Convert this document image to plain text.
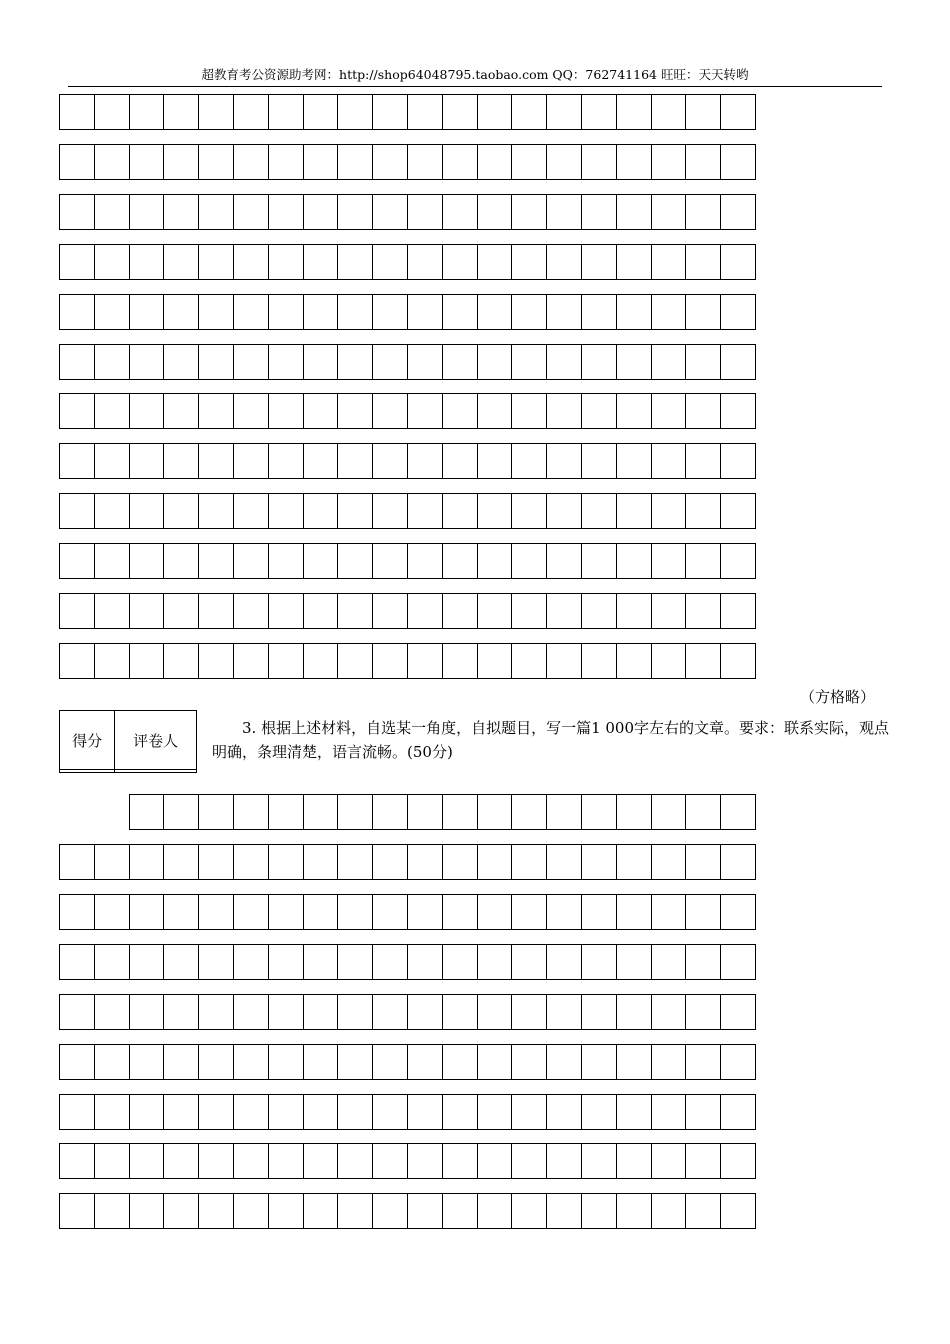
超教育考公资源助考网：http://shop64048795.taobao.com QQ：762741164 旺旺：天天转哟
（方格略）
得分	评卷人

3. 根据上述材料，自选某一角度，自拟题目，写一篇1 000字左右的文章。要求：联系实际，观点明确，条理清楚，语言流畅。(50分)
